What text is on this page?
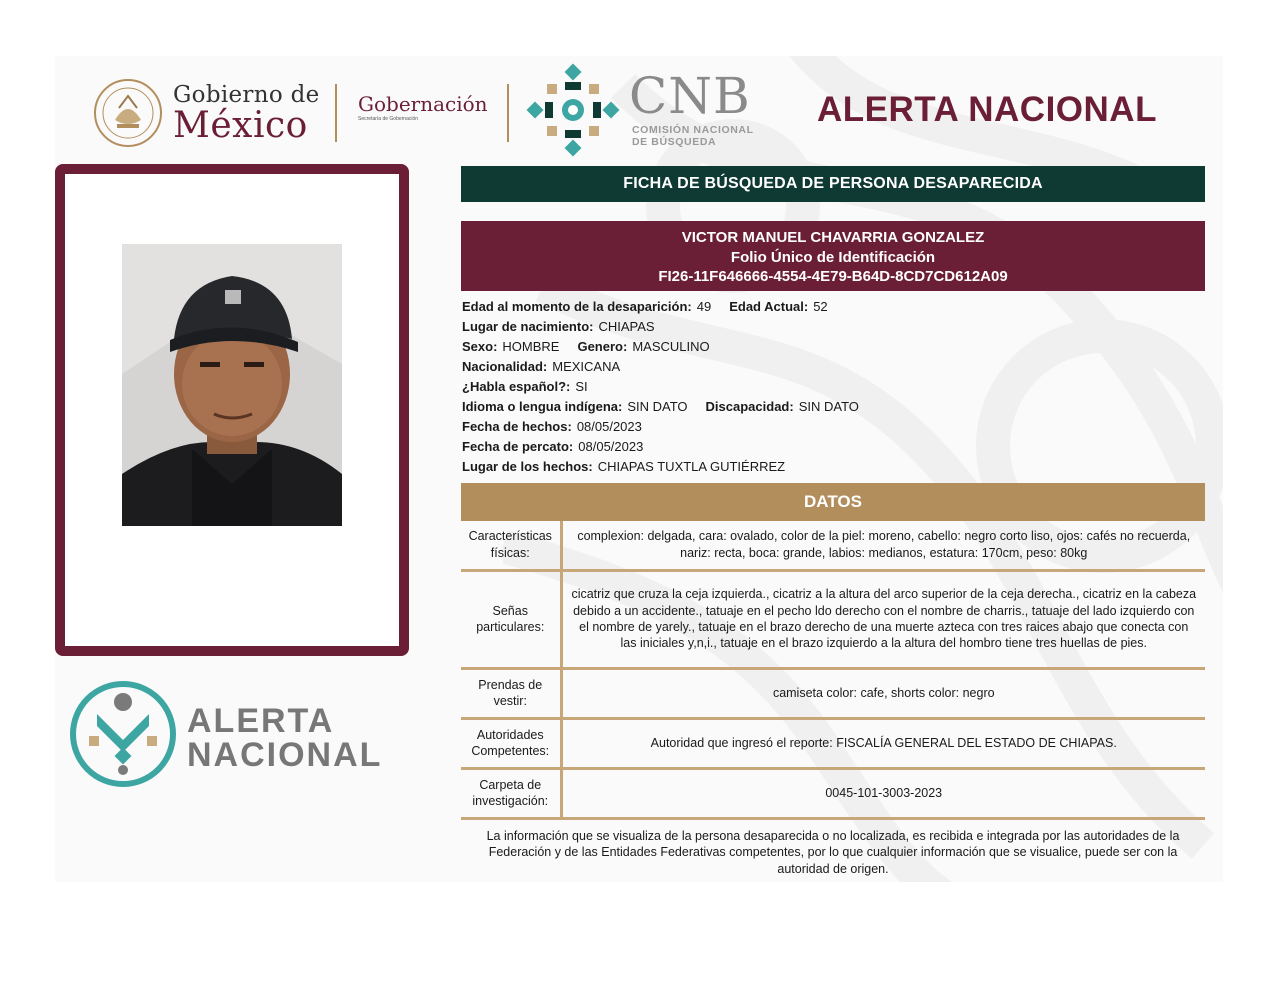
Gobierno de
México
Gobernación
Secretaría de Gobernación	CNB
COMISIÓN NACIONAL
DE BÚSQUEDA
ALERTA NACIONAL
ALERTA
NACIONAL
FICHA DE BÚSQUEDA DE PERSONA DESAPARECIDA
VICTOR MANUEL CHAVARRIA GONZALEZ
Folio Único de Identificación
FI26-11F646666-4554-4E79-B64D-8CD7CD612A09
Edad al momento de la desaparición: 49 Edad Actual: 52
Lugar de nacimiento: CHIAPAS
Sexo: HOMBRE Genero: MASCULINO
Nacionalidad: MEXICANA
¿Habla español?: SI
Idioma o lengua indígena: SIN DATO Discapacidad: SIN DATO
Fecha de hechos: 08/05/2023
Fecha de percato: 08/05/2023
Lugar de los hechos: CHIAPAS TUXTLA GUTIÉRREZ
DATOS
Características físicas:	complexion: delgada, cara: ovalado, color de la piel: moreno, cabello: negro corto liso, ojos: cafés no recuerda, nariz: recta, boca: grande, labios: medianos, estatura: 170cm, peso: 80kg
Señas particulares:	cicatriz que cruza la ceja izquierda., cicatriz a la altura del arco superior de la ceja derecha., cicatriz en la cabeza debido a un accidente., tatuaje en el pecho ldo derecho con el nombre de charris., tatuaje del lado izquierdo con el nombre de yarely., tatuaje en el brazo derecho de una muerte azteca con tres raices abajo que conecta con las iniciales y,n,i., tatuaje en el brazo izquierdo a la altura del hombro tiene tres huellas de pies.
Prendas de vestir:	camiseta color: cafe, shorts color: negro
Autoridades Competentes:	Autoridad que ingresó el reporte: FISCALÍA GENERAL DEL ESTADO DE CHIAPAS.
Carpeta de investigación:	0045-101-3003-2023
La información que se visualiza de la persona desaparecida o no localizada, es recibida e integrada por las autoridades de la Federación y de las Entidades Federativas competentes, por lo que cualquier información que se visualice, puede ser con la autoridad de origen.
